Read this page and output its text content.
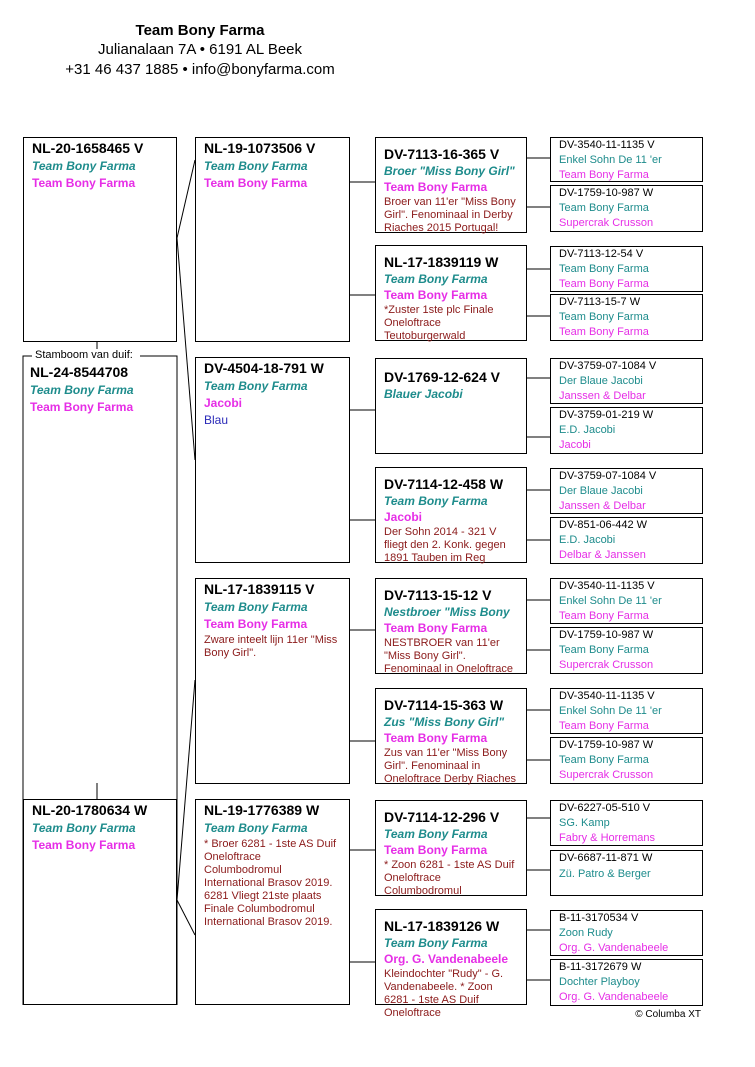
Team Bony Farma
Julianalaan 7A • 6191 AL Beek
+31 46 437 1885 • info@bonyfarma.com
NL-20-1658465 V
Team Bony Farma
Team Bony Farma
Stamboom van duif:
NL-24-8544708
Team Bony Farma
Team Bony Farma
NL-20-1780634 W
Team Bony Farma
Team Bony Farma
NL-19-1073506 V
Team Bony Farma
Team Bony Farma
DV-4504-18-791 W
Team Bony Farma
Jacobi
Blau
NL-17-1839115 V
Team Bony Farma
Team Bony Farma
Zware inteelt lijn 11er "Miss Bony Girl".
NL-19-1776389 W
Team Bony Farma
* Broer 6281 - 1ste AS Duif Oneloftrace Columbodromul International Brasov 2019. 6281 Vliegt 21ste plaats Finale Columbodromul International Brasov 2019.
DV-7113-16-365 V
Broer "Miss Bony Girl"
Team Bony Farma
Broer van 11'er "Miss Bony Girl". Fenominaal in Derby Riaches 2015 Portugal!
NL-17-1839119 W
Team Bony Farma
Team Bony Farma
*Zuster 1ste plc Finale Oneloftrace Teutoburgerwald
DV-1769-12-624 V
Blauer Jacobi
DV-7114-12-458 W
Team Bony Farma
Jacobi
Der Sohn 2014 - 321 V fliegt den 2. Konk. gegen 1891 Tauben im Reg
DV-7113-15-12 V
Nestbroer "Miss Bony
Team Bony Farma
NESTBROER van 11'er "Miss Bony Girl". Fenominaal in Oneloftrace
DV-7114-15-363 W
Zus "Miss Bony Girl"
Team Bony Farma
Zus van 11'er "Miss Bony Girl". Fenominaal in Oneloftrace Derby Riaches
DV-7114-12-296 V
Team Bony Farma
Team Bony Farma
* Zoon 6281 - 1ste AS Duif Oneloftrace Columbodromul
NL-17-1839126 W
Team Bony Farma
Org. G. Vandenabeele
Kleindochter "Rudy" - G. Vandenabeele. * Zoon 6281 - 1ste AS Duif Oneloftrace
DV-3540-11-1135 V
Enkel Sohn De 11 'er
Team Bony Farma
DV-1759-10-987 W
Team Bony Farma
Supercrak Crusson
DV-7113-12-54 V
Team Bony Farma
Team Bony Farma
DV-7113-15-7 W
Team Bony Farma
Team Bony Farma
DV-3759-07-1084 V
Der Blaue Jacobi
Janssen & Delbar
DV-3759-01-219 W
E.D. Jacobi
Jacobi
DV-3759-07-1084 V
Der Blaue Jacobi
Janssen & Delbar
DV-851-06-442 W
E.D. Jacobi
Delbar & Janssen
DV-3540-11-1135 V
Enkel Sohn De 11 'er
Team Bony Farma
DV-1759-10-987 W
Team Bony Farma
Supercrak Crusson
DV-3540-11-1135 V
Enkel Sohn De 11 'er
Team Bony Farma
DV-1759-10-987 W
Team Bony Farma
Supercrak Crusson
DV-6227-05-510 V
SG. Kamp
Fabry & Horremans
DV-6687-11-871 W
Zü. Patro & Berger
B-11-3170534 V
Zoon Rudy
Org. G. Vandenabeele
B-11-3172679 W
Dochter Playboy
Org. G. Vandenabeele
© Columba XT
